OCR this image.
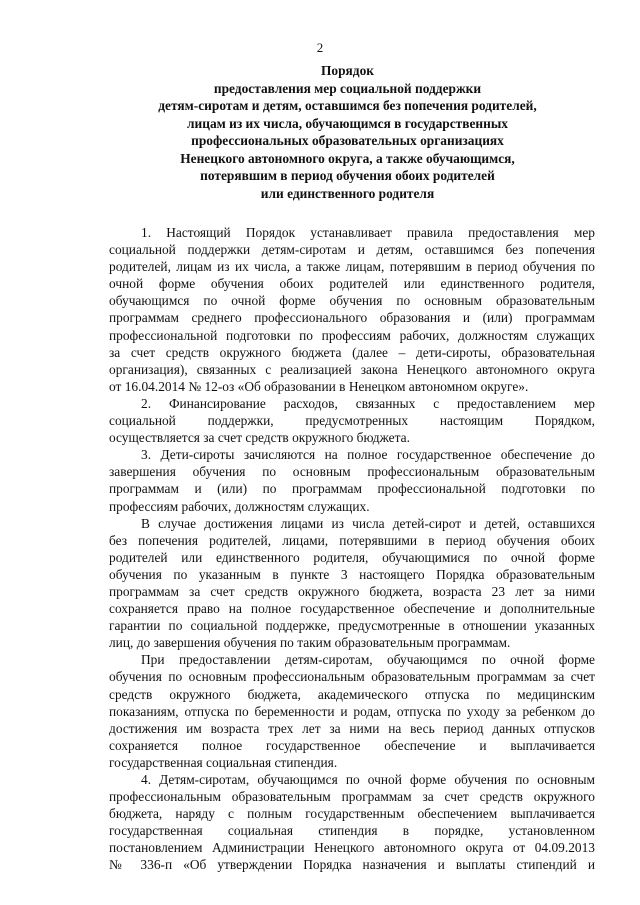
2
Порядок
предоставления мер социальной поддержки
детям-сиротам и детям, оставшимся без попечения родителей,
лицам из их числа, обучающимся в государственных
профессиональных образовательных организациях
Ненецкого автономного округа, а также обучающимся,
потерявшим в период обучения обоих родителей
или единственного родителя

1. Настоящий Порядок устанавливает правила предоставления мер
социальной поддержки детям-сиротам и детям, оставшимся без попечения
родителей, лицам из их числа, а также лицам, потерявшим в период обучения по
очной форме обучения обоих родителей или единственного родителя,
обучающимся по очной форме обучения по основным образовательным
программам среднего профессионального образования и (или) программам
профессиональной подготовки по профессиям рабочих, должностям служащих
за счет средств окружного бюджета (далее – дети-сироты, образовательная
организация), связанных с реализацией закона Ненецкого автономного округа
от 16.04.2014 № 12-оз «Об образовании в Ненецком автономном округе».

2. Финансирование расходов, связанных с предоставлением мер
социальной поддержки, предусмотренных настоящим Порядком,
осуществляется за счет средств окружного бюджета.

3. Дети-сироты зачисляются на полное государственное обеспечение до
завершения обучения по основным профессиональным образовательным
программам и (или) по программам профессиональной подготовки по
профессиям рабочих, должностям служащих.

В случае достижения лицами из числа детей-сирот и детей, оставшихся
без попечения родителей, лицами, потерявшими в период обучения обоих
родителей или единственного родителя, обучающимися по очной форме
обучения по указанным в пункте 3 настоящего Порядка образовательным
программам за счет средств окружного бюджета, возраста 23 лет за ними
сохраняется право на полное государственное обеспечение и дополнительные
гарантии по социальной поддержке, предусмотренные в отношении указанных
лиц, до завершения обучения по таким образовательным программам.

При предоставлении детям-сиротам, обучающимся по очной форме
обучения по основным профессиональным образовательным программам за счет
средств окружного бюджета, академического отпуска по медицинским
показаниям, отпуска по беременности и родам, отпуска по уходу за ребенком до
достижения им возраста трех лет за ними на весь период данных отпусков
сохраняется полное государственное обеспечение и выплачивается
государственная социальная стипендия.

4. Детям-сиротам, обучающимся по очной форме обучения по основным
профессиональным образовательным программам за счет средств окружного
бюджета, наряду с полным государственным обеспечением выплачивается
государственная социальная стипендия в порядке, установленном
постановлением Администрации Ненецкого автономного округа от 04.09.2013
№ 336-п «Об утверждении Порядка назначения и выплаты стипендий и
